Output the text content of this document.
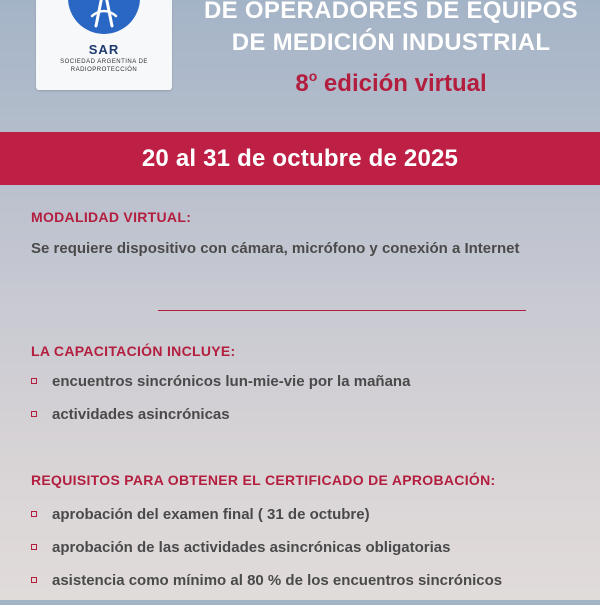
SAR
SOCIEDAD ARGENTINA DE
RADIOPROTECCIÓN
DE OPERADORES DE EQUIPOS
DE MEDICIÓN INDUSTRIAL
8$^o$ edición virtual
20 al 31 de octubre de 2025
MODALIDAD VIRTUAL:
Se requiere dispositivo con cámara, micrófono y conexión a Internet
LA CAPACITACIÓN INCLUYE:
encuentros sincrónicos lun-mie-vie por la mañana
actividades asincrónicas
REQUISITOS PARA OBTENER EL CERTIFICADO DE APROBACIÓN:
aprobación del examen final ( 31 de octubre)
aprobación de las actividades asincrónicas obligatorias
asistencia como mínimo al 80 % de los encuentros sincrónicos
